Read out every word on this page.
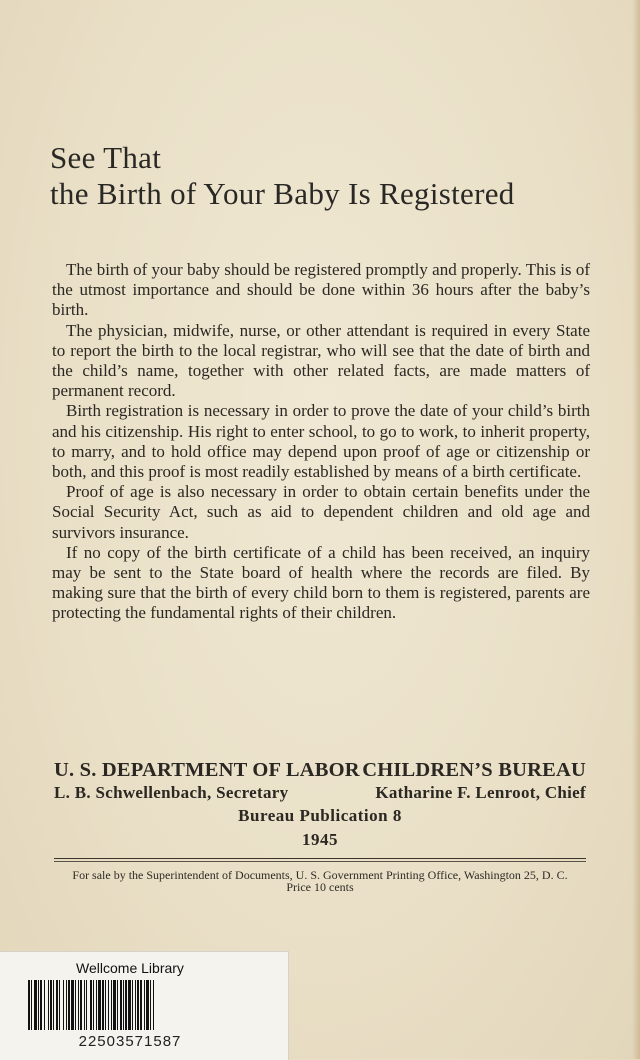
See That
the Birth of Your Baby Is Registered

The birth of your baby should be registered promptly and properly. This is of the utmost importance and should be done within 36 hours after the baby’s birth.

The physician, midwife, nurse, or other attendant is required in every State to report the birth to the local registrar, who will see that the date of birth and the child’s name, together with other related facts, are made matters of permanent record.

Birth registration is necessary in order to prove the date of your child’s birth and his citizenship. His right to enter school, to go to work, to inherit property, to marry, and to hold office may depend upon proof of age or citizenship or both, and this proof is most readily established by means of a birth certificate.

Proof of age is also necessary in order to obtain certain benefits under the Social Security Act, such as aid to dependent children and old age and survivors insurance.

If no copy of the birth certificate of a child has been received, an inquiry may be sent to the State board of health where the records are filed. By making sure that the birth of every child born to them is registered, parents are protecting the fundamental rights of their children.

U. S. DEPARTMENT OF LABOR CHILDREN’S BUREAU
L. B. Schwellenbach, Secretary	Katharine F. Lenroot, Chief
Bureau Publication 8
1945
For sale by the Superintendent of Documents, U. S. Government Printing Office, Washington 25, D. C.
Price 10 cents
Wellcome Library
22503571587
